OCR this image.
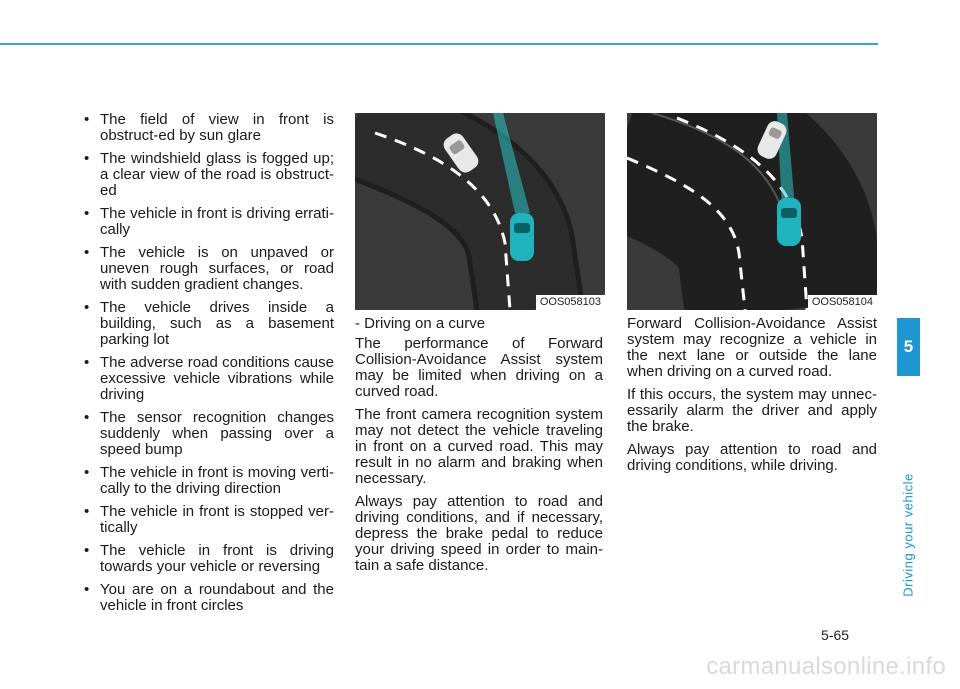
5
Driving your vehicle
• The field of view in front is obstruct-ed by sun glare
• The windshield glass is fogged up; a clear view of the road is obstruct-ed
• The vehicle in front is driving errati-cally
• The vehicle is on unpaved or uneven rough surfaces, or road with sudden gradient changes.
• The vehicle drives inside a building, such as a basement parking lot
• The adverse road conditions cause excessive vehicle vibrations while driving
• The sensor recognition changes suddenly when passing over a speed bump
• The vehicle in front is moving verti-cally to the driving direction
• The vehicle in front is stopped ver-tically
• The vehicle in front is driving towards your vehicle or reversing
• You are on a roundabout and the vehicle in front circles
OOS058103	OOS058104

- Driving on a curve

The performance of Forward Collision-Avoidance Assist system may be limited when driving on a curved road.

The front camera recognition system may not detect the vehicle traveling in front on a curved road. This may result in no alarm and braking when necessary.

Always pay attention to road and driving conditions, and if necessary, depress the brake pedal to reduce your driving speed in order to main-tain a safe distance.

Forward Collision-Avoidance Assist system may recognize a vehicle in the next lane or outside the lane when driving on a curved road.

If this occurs, the system may unnec-essarily alarm the driver and apply the brake.

Always pay attention to road and driving conditions, while driving.

5-65
carmanualsonline.info
